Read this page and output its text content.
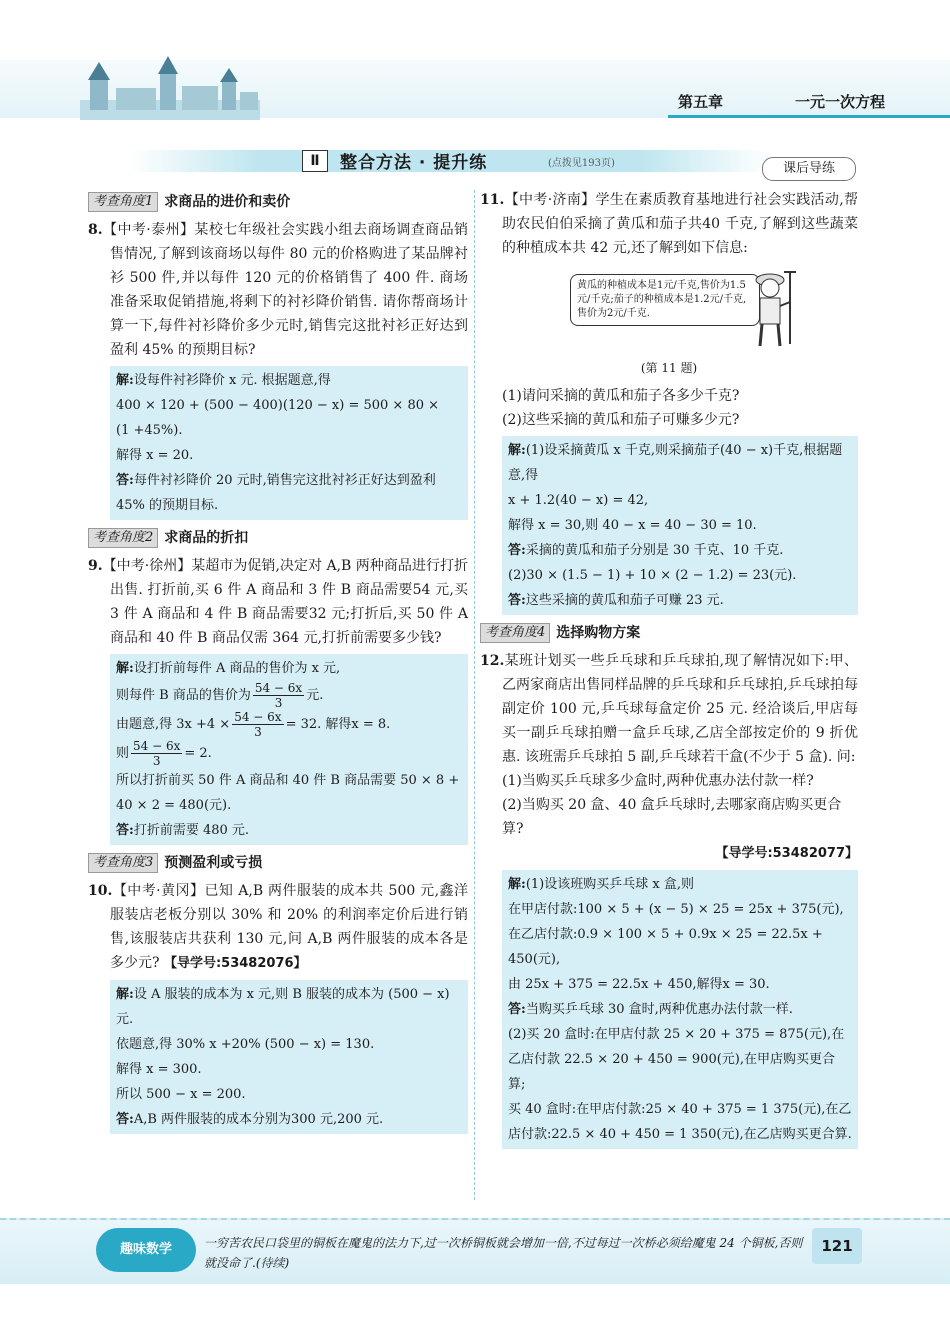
第五章	一元一次方程
Ⅱ	整合方法 · 提升练	(点拨见193页)	课后导练
考查角度1 求商品的进价和卖价

8.【中考·泰州】某校七年级社会实践小组去商场调查商品销售情况,了解到该商场以每件 80 元的价格购进了某品牌衬衫 500 件,并以每件 120 元的价格销售了 400 件. 商场准备采取促销措施,将剩下的衬衫降价销售. 请你帮商场计算一下,每件衬衫降价多少元时,销售完这批衬衫正好达到盈利 45% 的预期目标?

解:设每件衬衫降价 x 元. 根据题意,得
400 × 120 + (500 − 400)(120 − x) = 500 × 80 ×
(1 +45%).
解得 x = 20.
答:每件衬衫降价 20 元时,销售完这批衬衫正好达到盈利 45% 的预期目标.
考查角度2 求商品的折扣

9.【中考·徐州】某超市为促销,决定对 A,B 两种商品进行打折出售. 打折前,买 6 件 A 商品和 3 件 B 商品需要54 元,买 3 件 A 商品和 4 件 B 商品需要32 元;打折后,买 50 件 A 商品和 40 件 B 商品仅需 364 元,打折前需要多少钱?

解:设打折前每件 A 商品的售价为 x 元,
则每件 B 商品的售价为 $\frac{54 - 6x}{3}$ 元.
由题意,得 $3x +4 \times \frac{54 - 6x}{3} = 32$. 解得x = 8.
则 $\frac{54 - 6x}{3} = 2$.
所以打折前买 50 件 A 商品和 40 件 B 商品需要 50 × 8 + 40 × 2 = 480(元).
答:打折前需要 480 元.
考查角度3 预测盈利或亏损

10.【中考·黄冈】已知 A,B 两件服装的成本共 500 元,鑫洋服装店老板分别以 30% 和 20% 的利润率定价后进行销售,该服装店共获利 130 元,问 A,B 两件服装的成本各是多少元? 【导学号:53482076】

解:设 A 服装的成本为 x 元,则 B 服装的成本为 (500 − x) 元.
依题意,得 30% x +20% (500 − x) = 130.
解得 x = 300.
所以 500 − x = 200.
答:A,B 两件服装的成本分别为300 元,200 元.

11.【中考·济南】学生在素质教育基地进行社会实践活动,帮助农民伯伯采摘了黄瓜和茄子共40 千克,了解到这些蔬菜的种植成本共 42 元,还了解到如下信息:

黄瓜的种植成本是1元/千克,售价为1.5元/千克;茄子的种植成本是1.2元/千克,售价为2元/千克.
(第 11 题)
(1)请问采摘的黄瓜和茄子各多少千克?
(2)这些采摘的黄瓜和茄子可赚多少元?
解:(1)设采摘黄瓜 x 千克,则采摘茄子(40 − x)千克,根据题意,得
x + 1.2(40 − x) = 42,
解得 x = 30,则 40 − x = 40 − 30 = 10.
答:采摘的黄瓜和茄子分别是 30 千克、10 千克.
(2)30 × (1.5 − 1) + 10 × (2 − 1.2) = 23(元).
答:这些采摘的黄瓜和茄子可赚 23 元.
考查角度4 选择购物方案

12.某班计划买一些乒乓球和乒乓球拍,现了解情况如下:甲、乙两家商店出售同样品牌的乒乓球和乒乓球拍,乒乓球拍每副定价 100 元,乒乓球每盒定价 25 元. 经洽谈后,甲店每买一副乒乓球拍赠一盒乒乓球,乙店全部按定价的 9 折优惠. 该班需乒乓球拍 5 副,乒乓球若干盒(不少于 5 盒). 问:

(1)当购买乒乓球多少盒时,两种优惠办法付款一样?
(2)当购买 20 盒、40 盒乒乓球时,去哪家商店购买更合算?
【导学号:53482077】
解:(1)设该班购买乒乓球 x 盒,则
在甲店付款:100 × 5 + (x − 5) × 25 = 25x + 375(元),
在乙店付款:0.9 × 100 × 5 + 0.9x × 25 = 22.5x + 450(元),
由 25x + 375 = 22.5x + 450,解得x = 30.
答:当购买乒乓球 30 盒时,两种优惠办法付款一样.
(2)买 20 盒时:在甲店付款 25 × 20 + 375 = 875(元),在乙店付款 22.5 × 20 + 450 = 900(元),在甲店购买更合算;
买 40 盒时:在甲店付款:25 × 40 + 375 = 1 375(元),在乙店付款:22.5 × 40 + 450 = 1 350(元),在乙店购买更合算.
趣味数学	一穷苦农民口袋里的铜板在魔鬼的法力下,过一次桥铜板就会增加一倍,不过每过一次桥必须给魔鬼 24 个铜板,否则就没命了.(待续)
121
